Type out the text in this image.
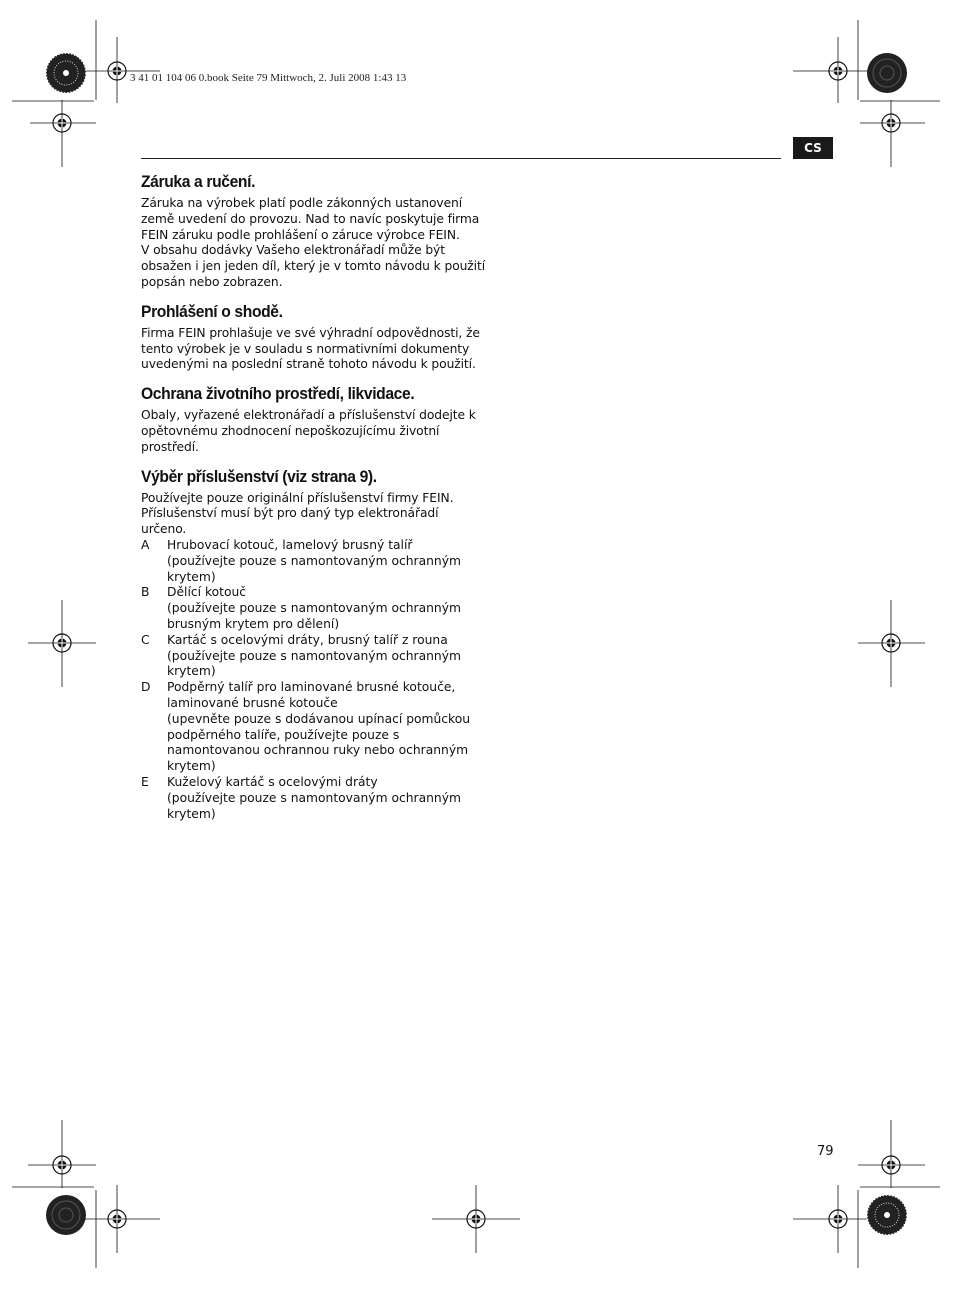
3 41 01 104 06 0.book Seite 79 Mittwoch, 2. Juli 2008 1:43 13
CS
Záruka a ručení.

Záruka na výrobek platí podle zákonných ustanovení země uvedení do provozu. Nad to navíc poskytuje firma FEIN záruku podle prohlášení o záruce výrobce FEIN.

V obsahu dodávky Vašeho elektronářadí může být obsažen i jen jeden díl, který je v tomto návodu k použití popsán nebo zobrazen.

Prohlášení o shodě.

Firma FEIN prohlašuje ve své výhradní odpovědnosti, že tento výrobek je v souladu s normativními dokumenty uvedenými na poslední straně tohoto návodu k použití.

Ochrana životního prostředí, likvidace.

Obaly, vyřazené elektronářadí a příslušenství dodejte k opětovnému zhodnocení nepoškozujícímu životní prostředí.

Výběr příslušenství (viz strana 9).

Používejte pouze originální příslušenství firmy FEIN. Příslušenství musí být pro daný typ elektronářadí určeno.

A	Hrubovací kotouč, lamelový brusný talíř
(používejte pouze s namontovaným ochranným krytem)
B	Dělící kotouč
(používejte pouze s namontovaným ochranným brusným krytem pro dělení)
C	Kartáč s ocelovými dráty, brusný talíř z rouna
(používejte pouze s namontovaným ochranným krytem)
D	Podpěrný talíř pro laminované brusné kotouče, laminované brusné kotouče
(upevněte pouze s dodávanou upínací pomůckou podpěrného talíře, používejte pouze s namontovanou ochrannou ruky nebo ochranným krytem)
E	Kuželový kartáč s ocelovými dráty
(používejte pouze s namontovaným ochranným krytem)
79
